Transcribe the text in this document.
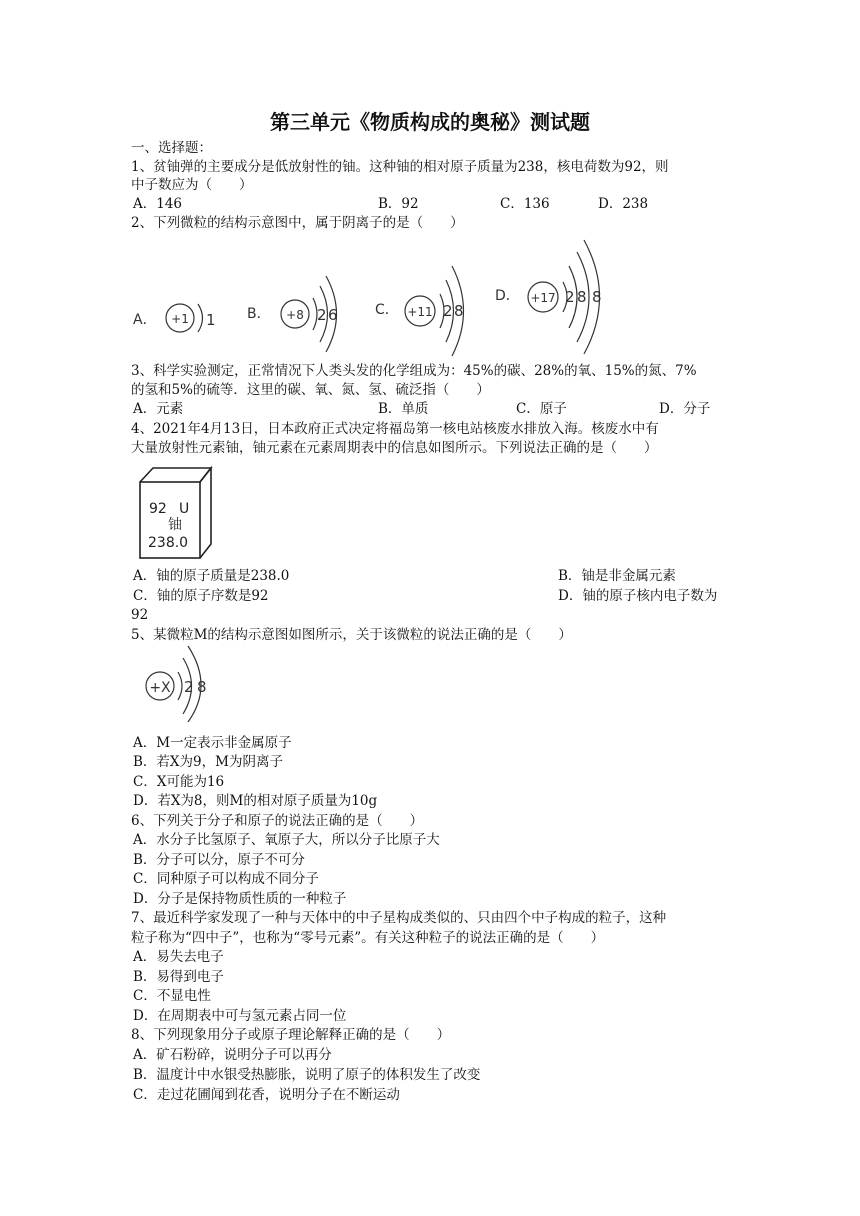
第三单元《物质构成的奥秘》测试题
一、选择题：
1、贫铀弹的主要成分是低放射性的铀。这种铀的相对原子质量为238，核电荷数为92，则
中子数应为（　　）
A．146	B．92	C．136	D．238
2、下列微粒的结构示意图中，属于阴离子的是（　　）
A． +1 1 B． +8 2 6	C． +11 2 8
D． +17 2 8 8
3、科学实验测定，正常情况下人类头发的化学组成为：45%的碳、28%的氧、15%的氮、7%
的氢和5%的硫等．这里的碳、氧、氮、氢、硫泛指（　　）
A．元素	B．单质	C．原子	D．分子
4、2021年4月13日，日本政府正式决定将福岛第一核电站核废水排放入海。核废水中有
大量放射性元素铀，铀元素在元素周期表中的信息如图所示。下列说法正确的是（　　）
92 U
铀
238.0
A．铀的原子质量是238.0	B．铀是非金属元素
C．铀的原子序数是92	D．铀的原子核内电子数为
92
5、某微粒M的结构示意图如图所示，关于该微粒的说法正确的是（　　）
+X 2 8
A．M一定表示非金属原子
B．若X为9，M为阴离子
C．X可能为16
D．若X为8，则M的相对原子质量为10g
6、下列关于分子和原子的说法正确的是（　　）
A．水分子比氢原子、氧原子大，所以分子比原子大
B．分子可以分，原子不可分
C．同种原子可以构成不同分子
D．分子是保持物质性质的一种粒子
7、最近科学家发现了一种与天体中的中子星构成类似的、只由四个中子构成的粒子，这种
粒子称为“四中子”，也称为“零号元素”。有关这种粒子的说法正确的是（　　）
A．易失去电子
B．易得到电子
C．不显电性
D．在周期表中可与氢元素占同一位
8、下列现象用分子或原子理论解释正确的是（　　）
A．矿石粉碎，说明分子可以再分
B．温度计中水银受热膨胀，说明了原子的体积发生了改变
C．走过花圃闻到花香，说明分子在不断运动
